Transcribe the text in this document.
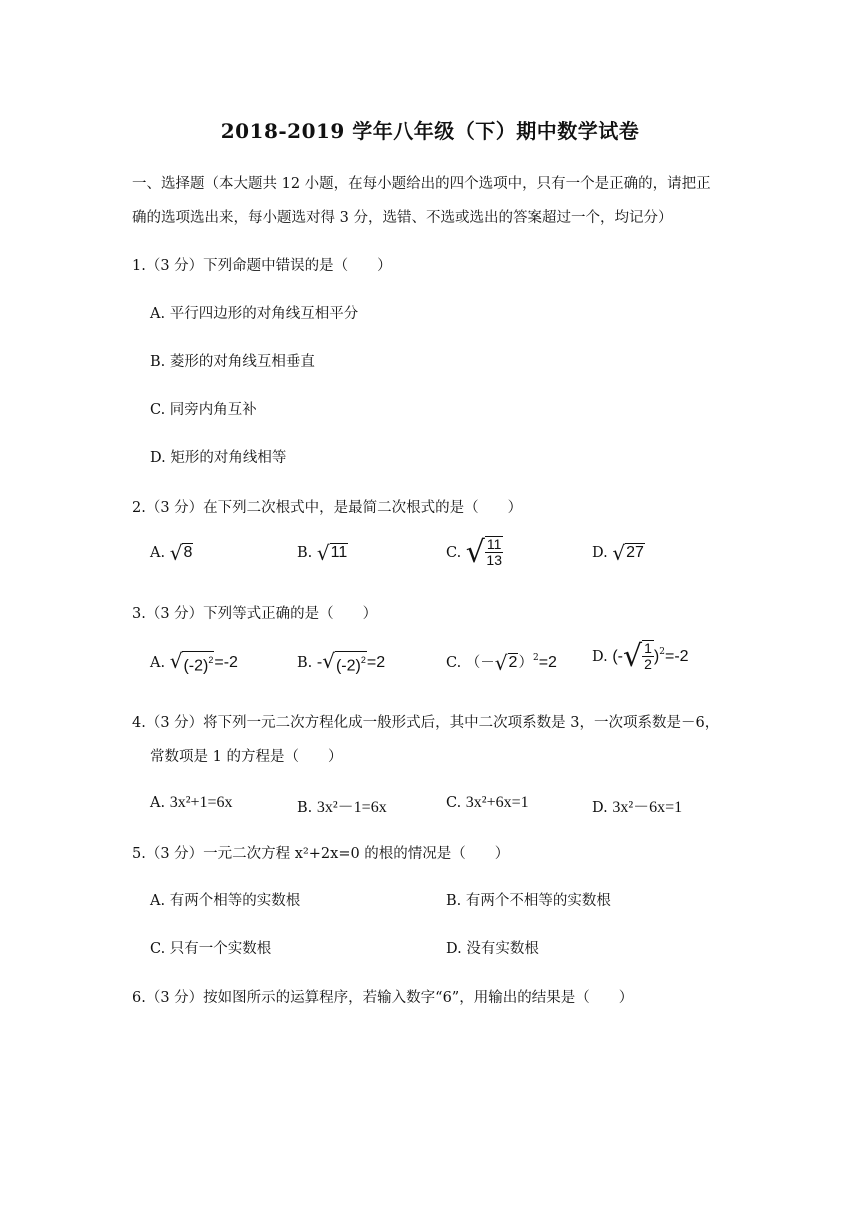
2018-2019 学年八年级（下）期中数学试卷
一、选择题（本大题共 12 小题，在每小题给出的四个选项中，只有一个是正确的，请把正
确的选项选出来，每小题选对得 3 分，选错、不选或选出的答案超过一个，均记分）
1.（3 分）下列命题中错误的是（　　）
A. 平行四边形的对角线互相平分
B. 菱形的对角线互相垂直
C. 同旁内角互补
D. 矩形的对角线相等
2.（3 分）在下列二次根式中，是最简二次根式的是（　　）
A. √ 8	B. √ 11	C. √ $\frac{11}{13}$	D. √ 27
3.（3 分）下列等式正确的是（　　）
A. √ $(-2)^2 =-2$	B. - √ $(-2)^2 =2$	C. （－ √ 2 ）$^2$=2 D. (- √ $\frac{1}{2} )^2=-2$
4.（3 分）将下列一元二次方程化成一般形式后，其中二次项系数是 3，一次项系数是－6，
常数项是 1 的方程是（　　）
A. 3x²+1=6x	B. 3x²－1=6x	C. 3x²+6x=1	D. 3x²－6x=1
5.（3 分）一元二次方程 x²+2x=0 的根的情况是（　　）
A. 有两个相等的实数根	B. 有两个不相等的实数根
C. 只有一个实数根	D. 没有实数根
6.（3 分）按如图所示的运算程序，若输入数字“6”，用输出的结果是（　　）
